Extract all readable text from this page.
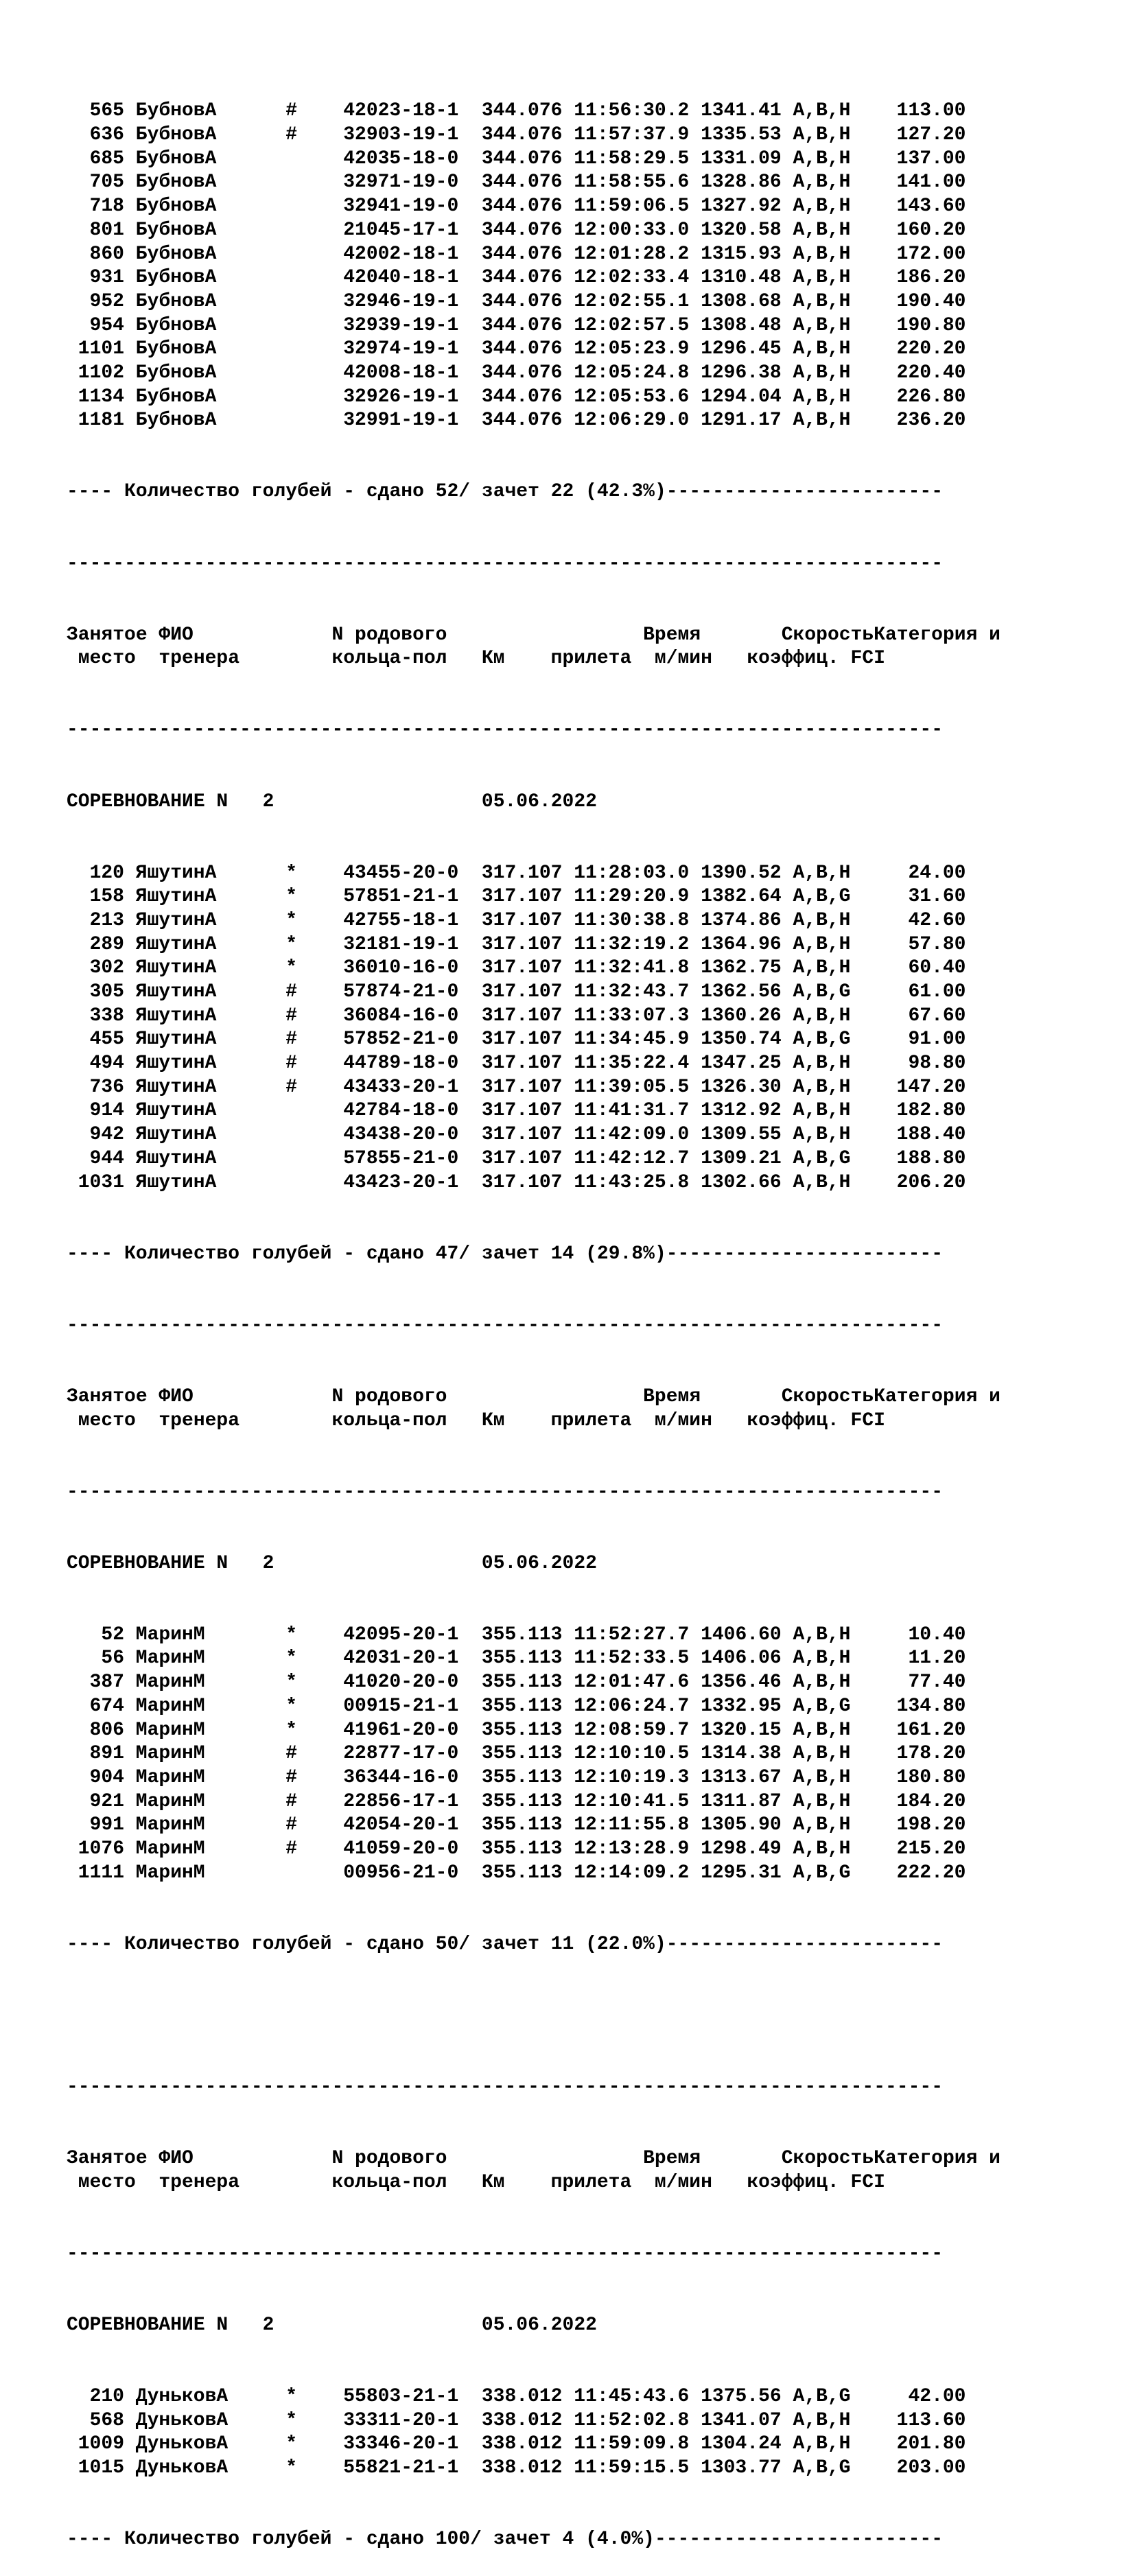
565 БубновА	# 42023-18-1 344.076 11:56:30.2 1341.41 A,B,H 113.00
636 БубновА	# 32903-19-1 344.076 11:57:37.9 1335.53 A,B,H 127.20
685 БубновА	42035-18-0 344.076 11:58:29.5 1331.09 A,B,H 137.00
705 БубновА	32971-19-0 344.076 11:58:55.6 1328.86 A,B,H 141.00
718 БубновА	32941-19-0 344.076 11:59:06.5 1327.92 A,B,H 143.60
801 БубновА	21045-17-1 344.076 12:00:33.0 1320.58 A,B,H 160.20
860 БубновА	42002-18-1 344.076 12:01:28.2 1315.93 A,B,H 172.00
931 БубновА	42040-18-1 344.076 12:02:33.4 1310.48 A,B,H 186.20
952 БубновА	32946-19-1 344.076 12:02:55.1 1308.68 A,B,H 190.40
954 БубновА	32939-19-1 344.076 12:02:57.5 1308.48 A,B,H 190.80
1101 БубновА	32974-19-1 344.076 12:05:23.9 1296.45 A,B,H 220.20
1102 БубновА	42008-18-1 344.076 12:05:24.8 1296.38 A,B,H 220.40
1134 БубновА	32926-19-1 344.076 12:05:53.6 1294.04 A,B,H 226.80
1181 БубновА	32991-19-1 344.076 12:06:29.0 1291.17 A,B,H 236.20

---- Количество голубей - сдано 52/ зачет 22 (42.3%)------------------------

----------------------------------------------------------------------------

Занятое ФИО	N родового	Время	СкоростьКатегория и
место тренера	кольца-пол Км прилета м/мин коэффиц. FCI

----------------------------------------------------------------------------

СОРЕВНОВАНИЕ N   2	05.06.2022

120 ЯшутинА	* 43455-20-0 317.107 11:28:03.0 1390.52 A,B,H	24.00
158 ЯшутинА	* 57851-21-1 317.107 11:29:20.9 1382.64 A,B,G	31.60
213 ЯшутинА	* 42755-18-1 317.107 11:30:38.8 1374.86 A,B,H	42.60
289 ЯшутинА	* 32181-19-1 317.107 11:32:19.2 1364.96 A,B,H	57.80
302 ЯшутинА	* 36010-16-0 317.107 11:32:41.8 1362.75 A,B,H	60.40
305 ЯшутинА	# 57874-21-0 317.107 11:32:43.7 1362.56 A,B,G	61.00
338 ЯшутинА	# 36084-16-0 317.107 11:33:07.3 1360.26 A,B,H	67.60
455 ЯшутинА	# 57852-21-0 317.107 11:34:45.9 1350.74 A,B,G	91.00
494 ЯшутинА	# 44789-18-0 317.107 11:35:22.4 1347.25 A,B,H	98.80
736 ЯшутинА	# 43433-20-1 317.107 11:39:05.5 1326.30 A,B,H 147.20
914 ЯшутинА	42784-18-0 317.107 11:41:31.7 1312.92 A,B,H 182.80
942 ЯшутинА	43438-20-0 317.107 11:42:09.0 1309.55 A,B,H 188.40
944 ЯшутинА	57855-21-0 317.107 11:42:12.7 1309.21 A,B,G 188.80
1031 ЯшутинА	43423-20-1 317.107 11:43:25.8 1302.66 A,B,H 206.20

---- Количество голубей - сдано 47/ зачет 14 (29.8%)------------------------

----------------------------------------------------------------------------

Занятое ФИО	N родового	Время	СкоростьКатегория и
место тренера	кольца-пол Км прилета м/мин коэффиц. FCI

----------------------------------------------------------------------------

СОРЕВНОВАНИЕ N   2	05.06.2022

52 МаринМ	* 42095-20-1 355.113 11:52:27.7 1406.60 A,B,H	10.40
56 МаринМ	* 42031-20-1 355.113 11:52:33.5 1406.06 A,B,H	11.20
387 МаринМ	* 41020-20-0 355.113 12:01:47.6 1356.46 A,B,H	77.40
674 МаринМ	* 00915-21-1 355.113 12:06:24.7 1332.95 A,B,G 134.80
806 МаринМ	* 41961-20-0 355.113 12:08:59.7 1320.15 A,B,H 161.20
891 МаринМ	# 22877-17-0 355.113 12:10:10.5 1314.38 A,B,H 178.20
904 МаринМ	# 36344-16-0 355.113 12:10:19.3 1313.67 A,B,H 180.80
921 МаринМ	# 22856-17-1 355.113 12:10:41.5 1311.87 A,B,H 184.20
991 МаринМ	# 42054-20-1 355.113 12:11:55.8 1305.90 A,B,H 198.20
1076 МаринМ	# 41059-20-0 355.113 12:13:28.9 1298.49 A,B,H 215.20
1111 МаринМ	00956-21-0 355.113 12:14:09.2 1295.31 A,B,G 222.20

---- Количество голубей - сдано 50/ зачет 11 (22.0%)------------------------

----------------------------------------------------------------------------

Занятое ФИО	N родового	Время	СкоростьКатегория и
место тренера	кольца-пол Км прилета м/мин коэффиц. FCI

----------------------------------------------------------------------------

СОРЕВНОВАНИЕ N   2	05.06.2022

210 ДуньковА	* 55803-21-1 338.012 11:45:43.6 1375.56 A,B,G	42.00
568 ДуньковА	* 33311-20-1 338.012 11:52:02.8 1341.07 A,B,H 113.60
1009 ДуньковА	* 33346-20-1 338.012 11:59:09.8 1304.24 A,B,H 201.80
1015 ДуньковА	* 55821-21-1 338.012 11:59:15.5 1303.77 A,B,G 203.00

---- Количество голубей - сдано 100/ зачет 4 (4.0%)-------------------------
